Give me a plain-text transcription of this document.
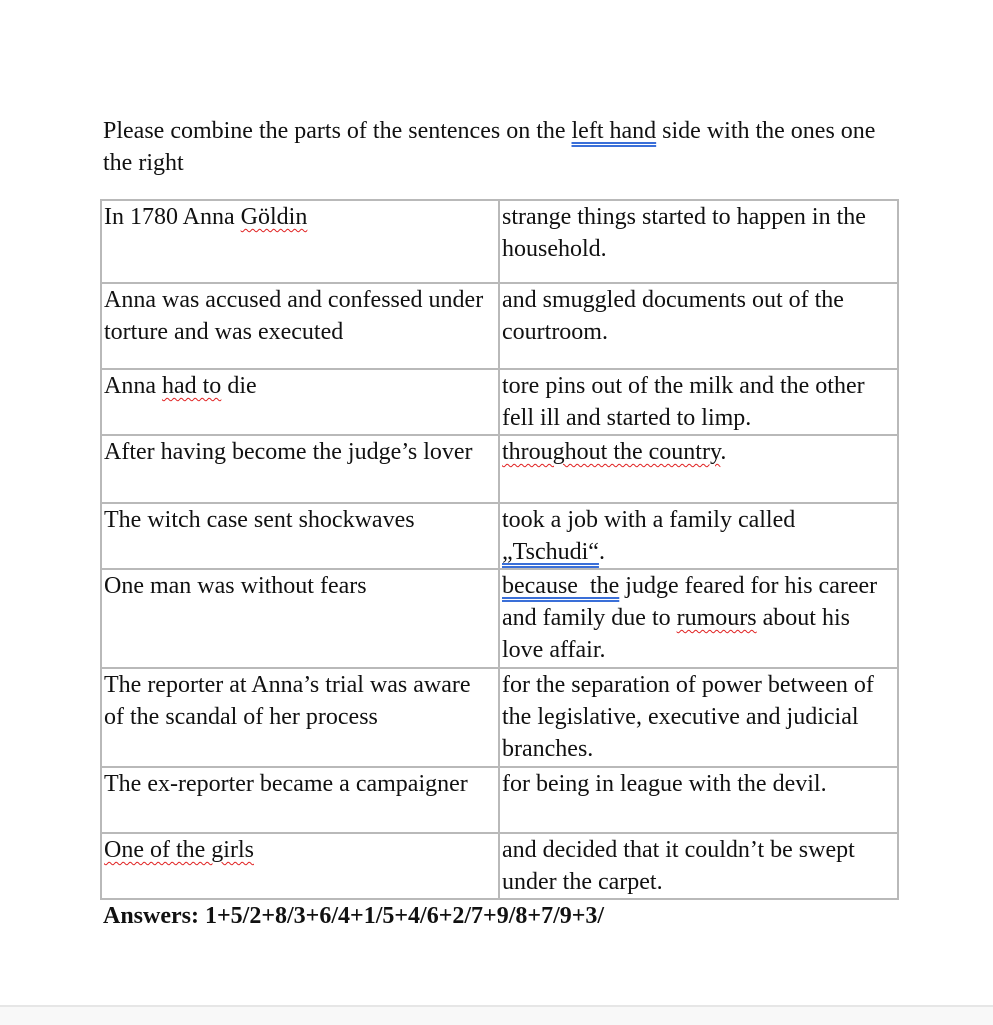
Please combine the parts of the sentences on the left hand side with the ones one the right
In 1780 Anna Göldin	strange things started to happen in the household.
Anna was accused and confessed under torture and was executed	and smuggled documents out of the courtroom.
Anna had to die	tore pins out of the milk and the other fell ill and started to limp.
After having become the judge’s lover	throughout the country.
The witch case sent shockwaves	took a job with a family called „Tschudi“.
One man was without fears	because  the judge feared for his career and family due to rumours about his love affair.
The reporter at Anna’s trial was aware of the scandal of her process	for the separation of power between of the legislative, executive and judicial branches.
The ex-reporter became a campaigner	for being in league with the devil.
One of the girls	and decided that it couldn’t be swept under the carpet.
Answers: 1+5/2+8/3+6/4+1/5+4/6+2/7+9/8+7/9+3/
